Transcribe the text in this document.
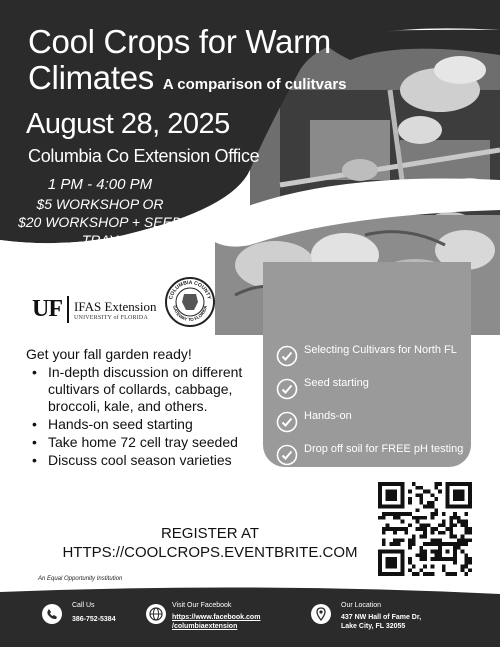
Cool Crops for Warm
Climates A comparison of culitvars
August 28, 2025
Columbia Co Extension Office
1 PM - 4:00 PM
$5 WORKSHOP OR
$20 WORKSHOP + SEED TRAY
ACTIVITY
UF IFAS Extension
UNIVERSITY of FLORIDA
COLUMBIA COUNTY
GATEWAY TO FLORIDA
Selecting Cultivars for North FL
Seed starting
Hands-on
Drop off soil for FREE pH testing
Get your fall garden ready!
• In-depth discussion on different cultivars of collards, cabbage, broccoli, kale, and others.
• Hands-on seed starting
• Take home 72 cell tray seeded
• Discuss cool season varieties
REGISTER AT
HTTPS://COOLCROPS.EVENTBRITE.COM
An Equal Opportunity Institution
Call Us
386-752-5384
Visit Our Facebook
https://www.facebook.com
/columbiaextension
Our Location
437 NW Hall of Fame Dr,
Lake City, FL 32055
